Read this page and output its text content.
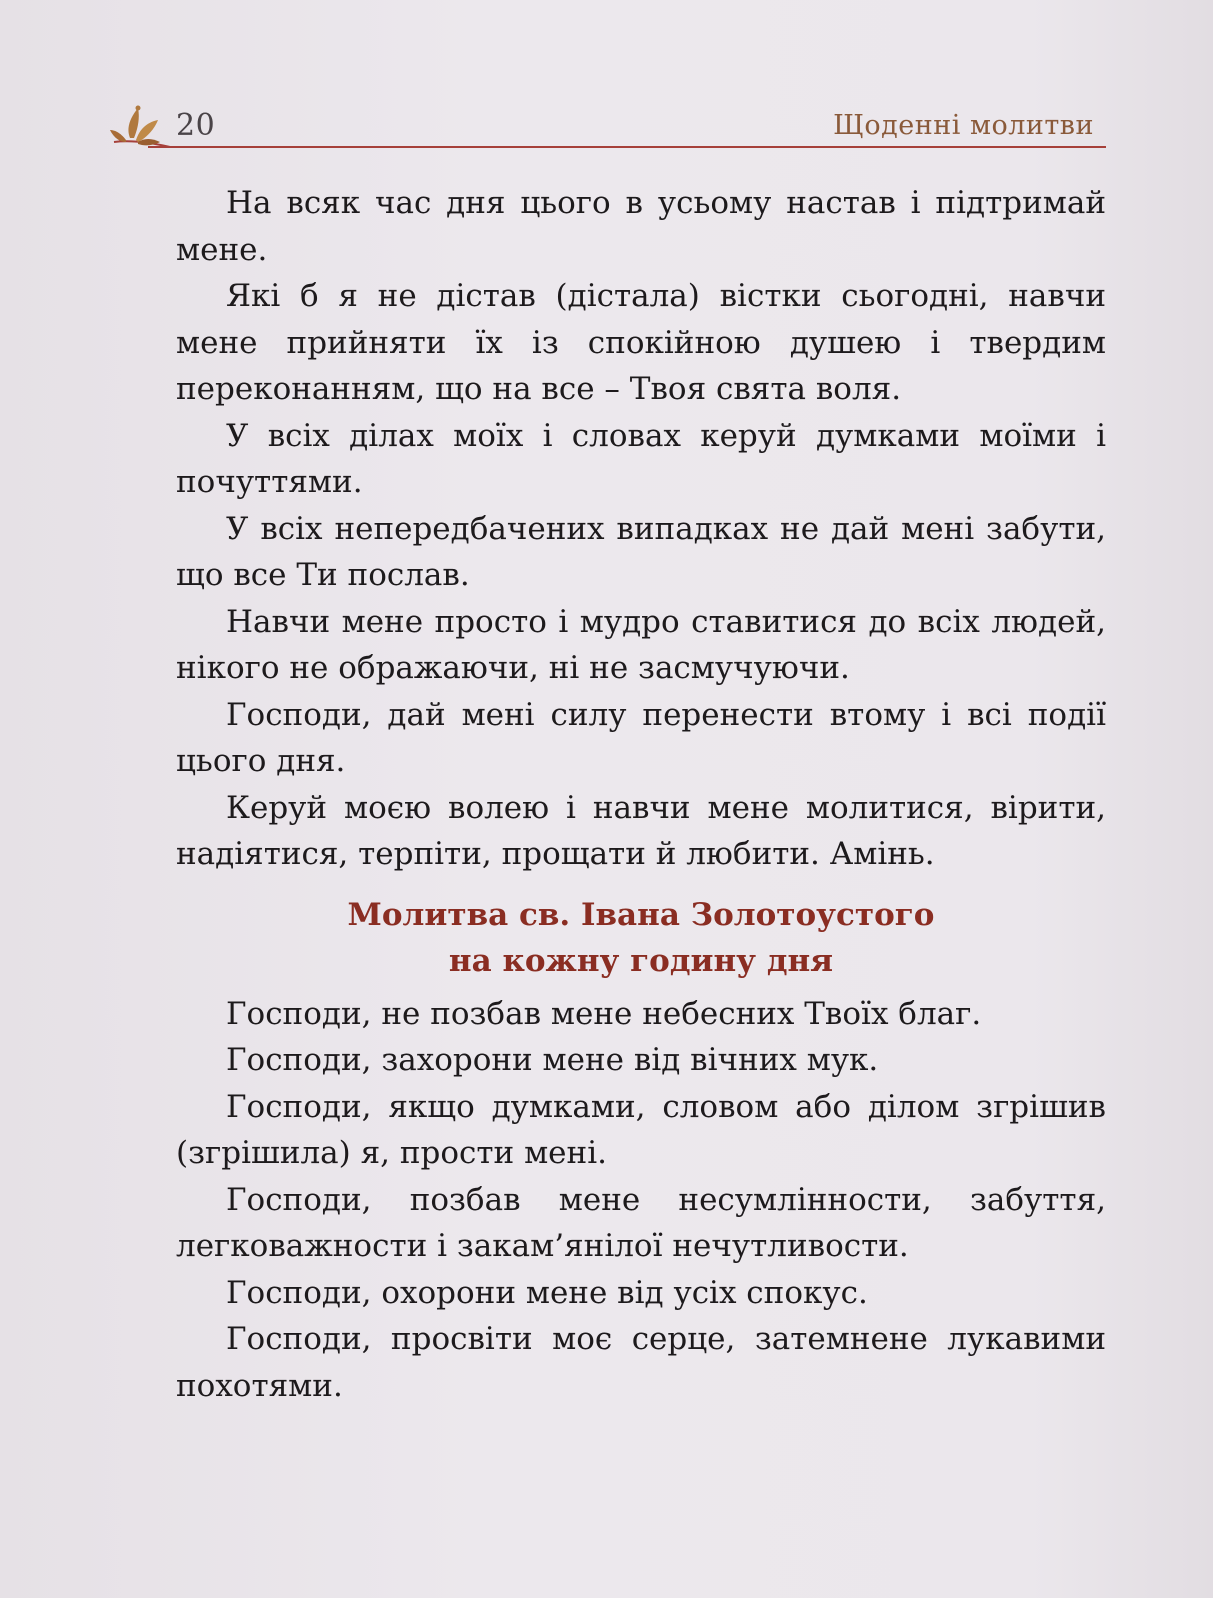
20	Щоденні молитви

На всяк час дня цього в усьому настав і підтримай мене.

Які б я не дістав (дістала) вістки сьогодні, навчи мене прийняти їх із спокійною душею і твердим переконанням, що на все – Твоя свята воля.

У всіх ділах моїх і словах керуй думками моїми і почуттями.

У всіх непередбачених випадках не дай мені забути, що все Ти послав.

Навчи мене просто і мудро ставитися до всіх людей, нікого не ображаючи, ні не засмучуючи.

Господи, дай мені силу перенести втому і всі події цього дня.

Керуй моєю волею і навчи мене молитися, вірити, надіятися, терпіти, прощати й любити. Амінь.

Молитва св. Івана Золотоустого
на кожну годину дня

Господи, не позбав мене небесних Твоїх благ.

Господи, захорони мене від вічних мук.

Господи, якщо думками, словом або ділом згрішив (згрішила) я, прости мені.

Господи, позбав мене несумлінности, забуття, легковажности і закам’янілої нечутливости.

Господи, охорони мене від усіх спокус.

Господи, просвіти моє серце, затемнене лукавими похотями.
